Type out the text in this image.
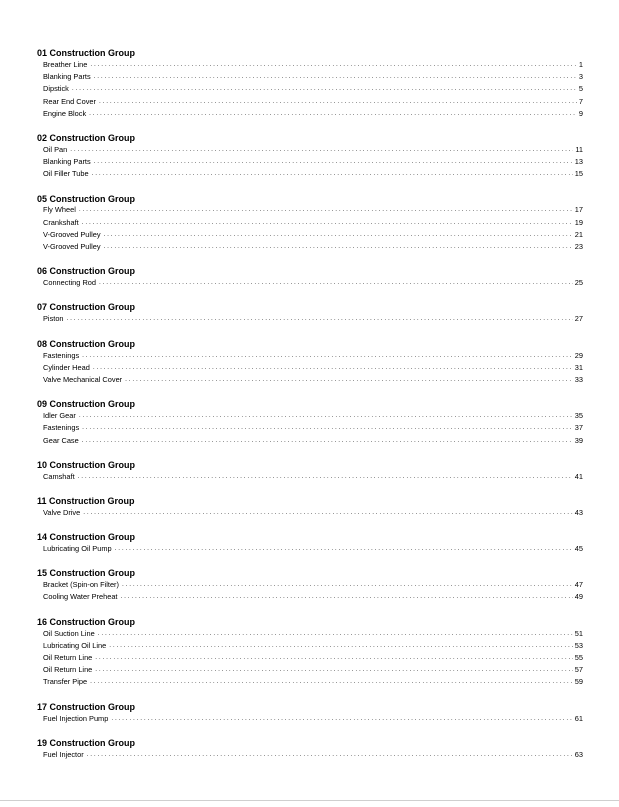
01 Construction Group
Breather Line . . .	1
Blanking Parts . . .	3
Dipstick . . .	5
Rear End Cover . . .	7
Engine Block . . .	9
02 Construction Group
Oil Pan . . .	11
Blanking Parts . . .	13
Oil Filler Tube . . .	15
05 Construction Group
Fly Wheel . . .	17
Crankshaft . . .	19
V-Grooved Pulley . . .	21
V-Grooved Pulley . . .	23
06 Construction Group
Connecting Rod . . .	25
07 Construction Group
Piston . . .	27
08 Construction Group
Fastenings . . .	29
Cylinder Head . . .	31
Valve Mechanical Cover . . .	33
09 Construction Group
Idler Gear . . .	35
Fastenings . . .	37
Gear Case . . .	39
10 Construction Group
Camshaft . . .	41
11 Construction Group
Valve Drive . . .	43
14 Construction Group
Lubricating Oil Pump . . .	45
15 Construction Group
Bracket (Spin-on Filter) . . .	47
Cooling Water Preheat . . .	49
16 Construction Group
Oil Suction Line . . .	51
Lubricating Oil Line . . .	53
Oil Return Line . . .	55
Oil Return Line . . .	57
Transfer Pipe . . .	59
17 Construction Group
Fuel Injection Pump . . .	61
19 Construction Group
Fuel Injector . . .	63
